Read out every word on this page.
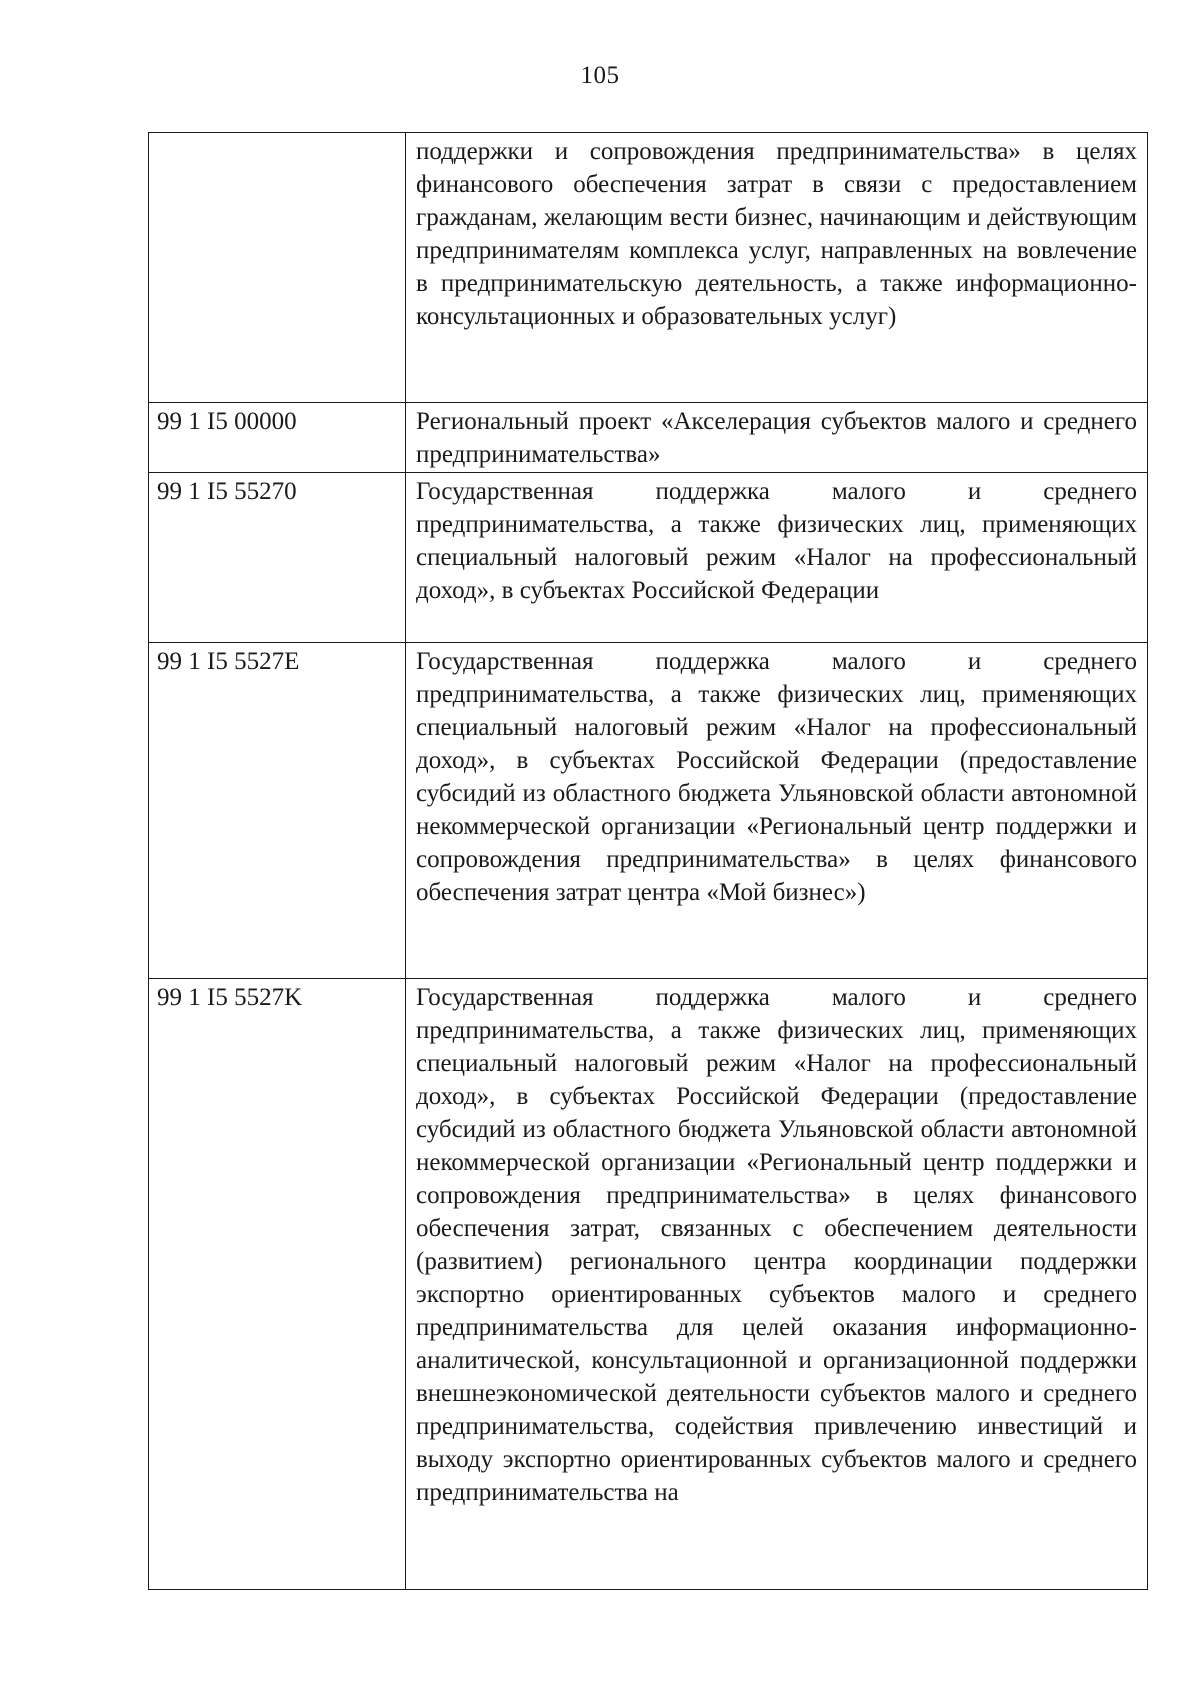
105
	поддержки и сопровождения предпринимательства» в целях финансового обеспечения затрат в связи с предоставлением гражданам, желающим вести бизнес, начинающим и действующим предпринимателям комплекса услуг, направленных на вовлечение в предпринимательскую деятельность, а также информационно-консультационных и образовательных услуг)
99 1 I5 00000	Региональный проект «Акселерация субъектов малого и среднего предпринимательства»
99 1 I5 55270	Государственная поддержка малого и среднего предпринимательства, а также физических лиц, применяющих специальный налоговый режим «Налог на профессиональный доход», в субъектах Российской Федерации
99 1 I5 5527E	Государственная поддержка малого и среднего предпринимательства, а также физических лиц, применяющих специальный налоговый режим «Налог на профессиональный доход», в субъектах Российской Федерации (предоставление субсидий из областного бюджета Ульяновской области автономной некоммерческой организации «Региональный центр поддержки и сопровождения предпринимательства» в целях финансового обеспечения затрат центра «Мой бизнес»)
99 1 I5 5527K	Государственная поддержка малого и среднего предпринимательства, а также физических лиц, применяющих специальный налоговый режим «Налог на профессиональный доход», в субъектах Российской Федерации (предоставление субсидий из областного бюджета Ульяновской области автономной некоммерческой организации «Региональный центр поддержки и сопровождения предпринимательства» в целях финансового обеспечения затрат, связанных с обеспечением деятельности (развитием) регионального центра координации поддержки экспортно ориентированных субъектов малого и среднего предпринимательства для целей оказания информационно-аналитической, консультационной и организационной поддержки внешнеэкономической деятельности субъектов малого и среднего предпринимательства, содействия привлечению инвестиций и выходу экспортно ориентированных субъектов малого и среднего предпринимательства на
